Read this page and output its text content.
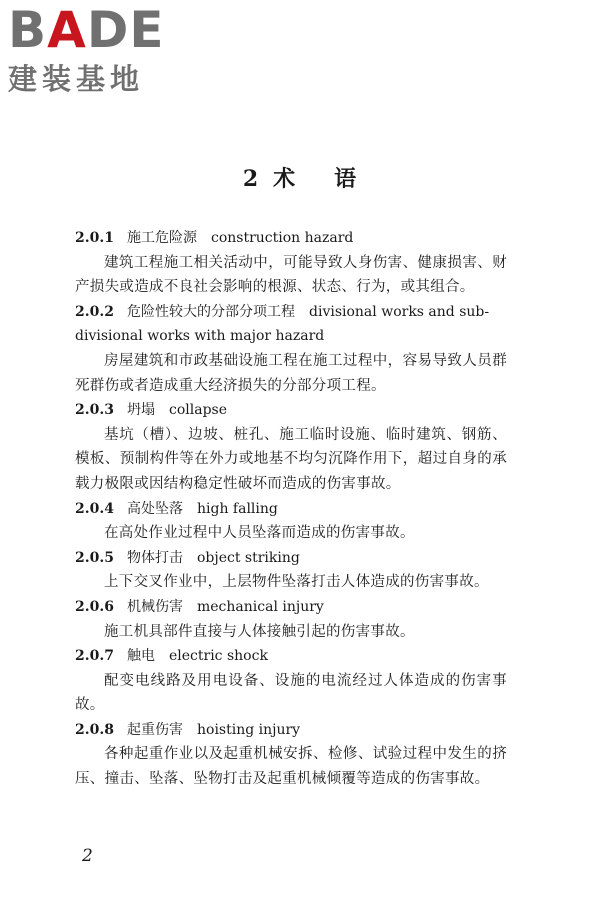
BADE
建装基地
2 术 语
2.0.1 施工危险源 construction hazard
建筑工程施工相关活动中，可能导致人身伤害、健康损害、财产损失或造成不良社会影响的根源、状态、行为，或其组合。
2.0.2 危险性较大的分部分项工程 divisional works and sub-
divisional works with major hazard
房屋建筑和市政基础设施工程在施工过程中，容易导致人员群死群伤或者造成重大经济损失的分部分项工程。
2.0.3 坍塌 collapse
基坑（槽）、边坡、桩孔、施工临时设施、临时建筑、钢筋、模板、预制构件等在外力或地基不均匀沉降作用下，超过自身的承载力极限或因结构稳定性破坏而造成的伤害事故。
2.0.4 高处坠落 high falling
在高处作业过程中人员坠落而造成的伤害事故。
2.0.5 物体打击 object striking
上下交叉作业中，上层物件坠落打击人体造成的伤害事故。
2.0.6 机械伤害 mechanical injury
施工机具部件直接与人体接触引起的伤害事故。
2.0.7 触电 electric shock
配变电线路及用电设备、设施的电流经过人体造成的伤害事故。
2.0.8 起重伤害 hoisting injury
各种起重作业以及起重机械安拆、检修、试验过程中发生的挤压、撞击、坠落、坠物打击及起重机械倾覆等造成的伤害事故。
2
